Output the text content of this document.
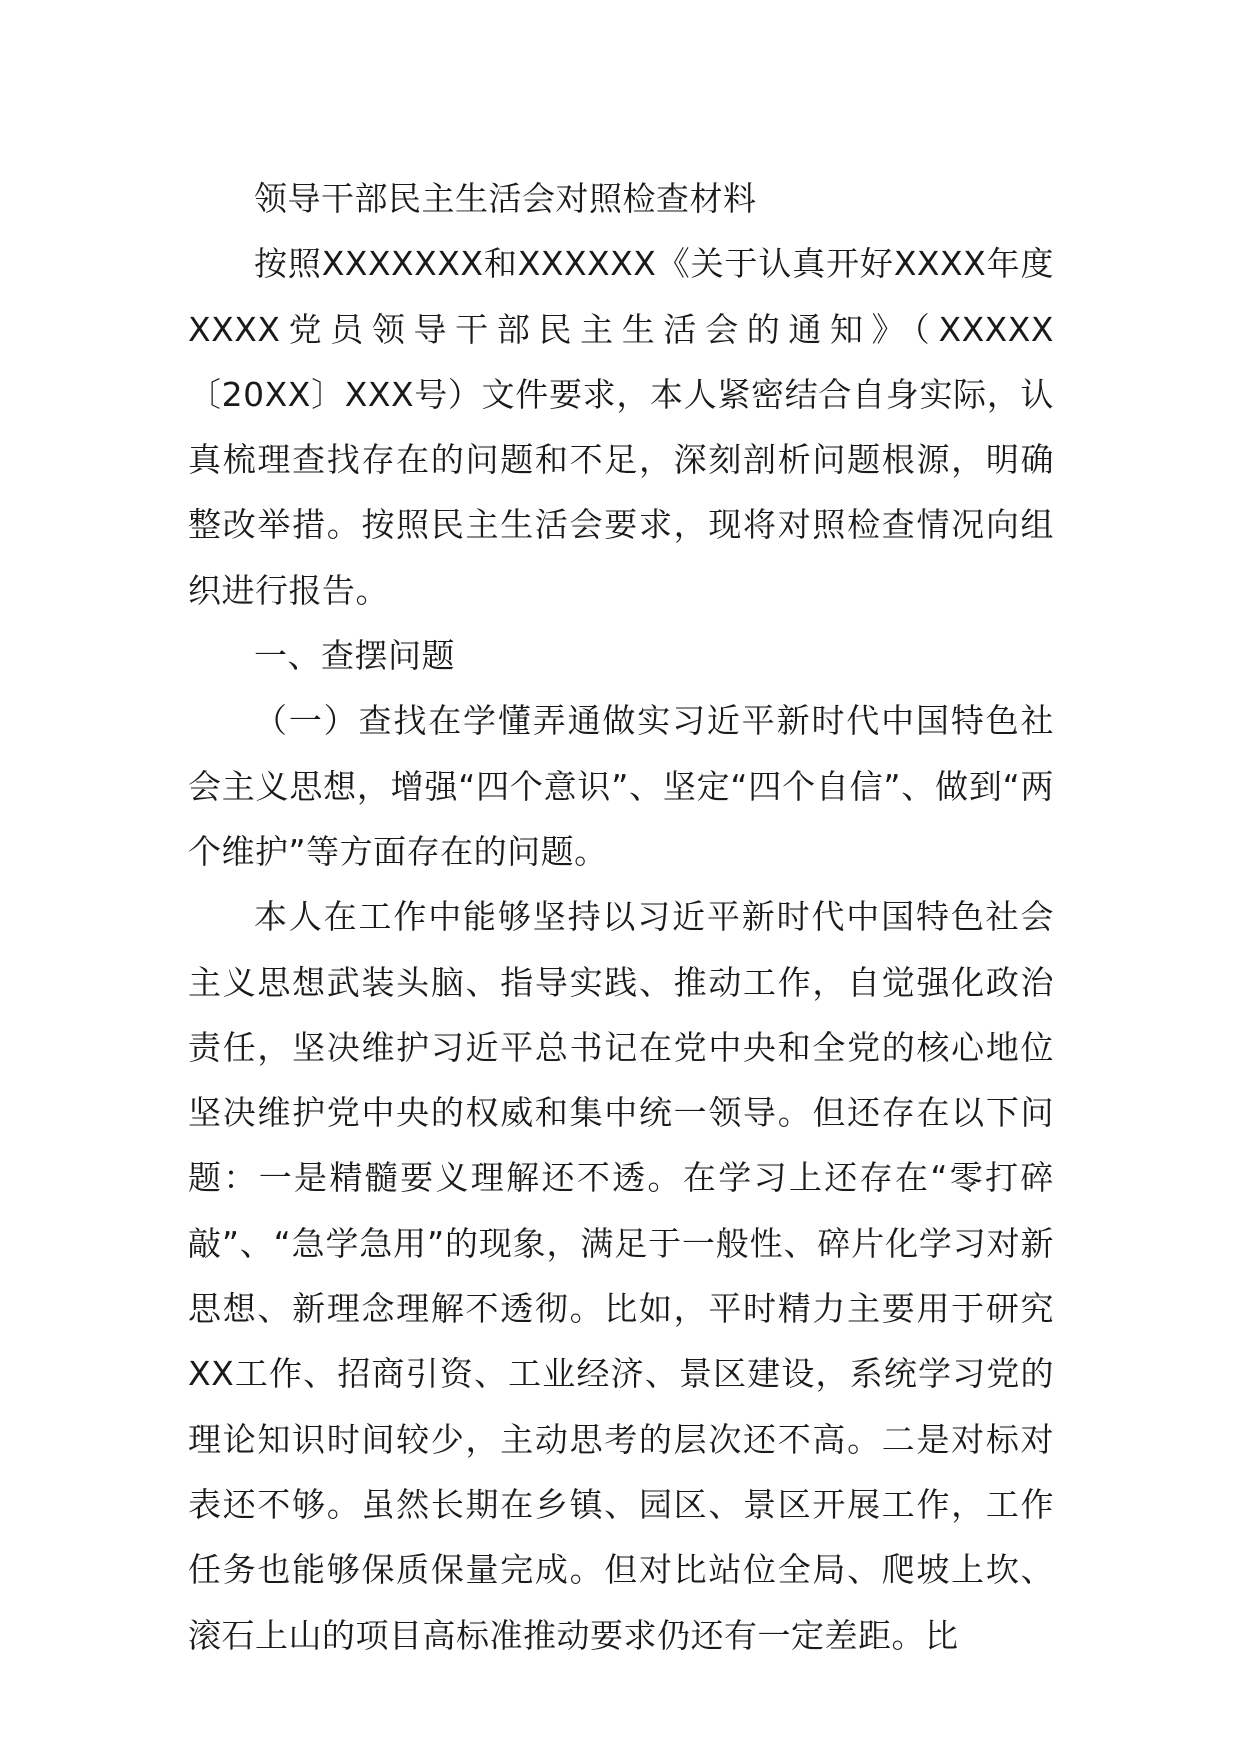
领导干部民主生活会对照检查材料

按照XXXXXXX和XXXXXX《关于认真开好XXXX年度XXXX党员领导干部民主生活会的通知》（XXXXX〔20XX〕XXX号）文件要求，本人紧密结合自身实际，认真梳理查找存在的问题和不足，深刻剖析问题根源，明确整改举措。按照民主生活会要求，现将对照检查情况向组织进行报告。

一、查摆问题

（一）查找在学懂弄通做实习近平新时代中国特色社会主义思想，增强“四个意识”、坚定“四个自信”、做到“两个维护”等方面存在的问题。

本人在工作中能够坚持以习近平新时代中国特色社会主义思想武装头脑、指导实践、推动工作，自觉强化政治责任，坚决维护习近平总书记在党中央和全党的核心地位坚决维护党中央的权威和集中统一领导。但还存在以下问题：一是精髓要义理解还不透。在学习上还存在“零打碎敲”、“急学急用”的现象，满足于一般性、碎片化学习对新思想、新理念理解不透彻。比如，平时精力主要用于研究XX工作、招商引资、工业经济、景区建设，系统学习党的理论知识时间较少，主动思考的层次还不高。二是对标对表还不够。虽然长期在乡镇、园区、景区开展工作，工作任务也能够保质保量完成。但对比站位全局、爬坡上坎、滚石上山的项目高标准推动要求仍还有一定差距。比
